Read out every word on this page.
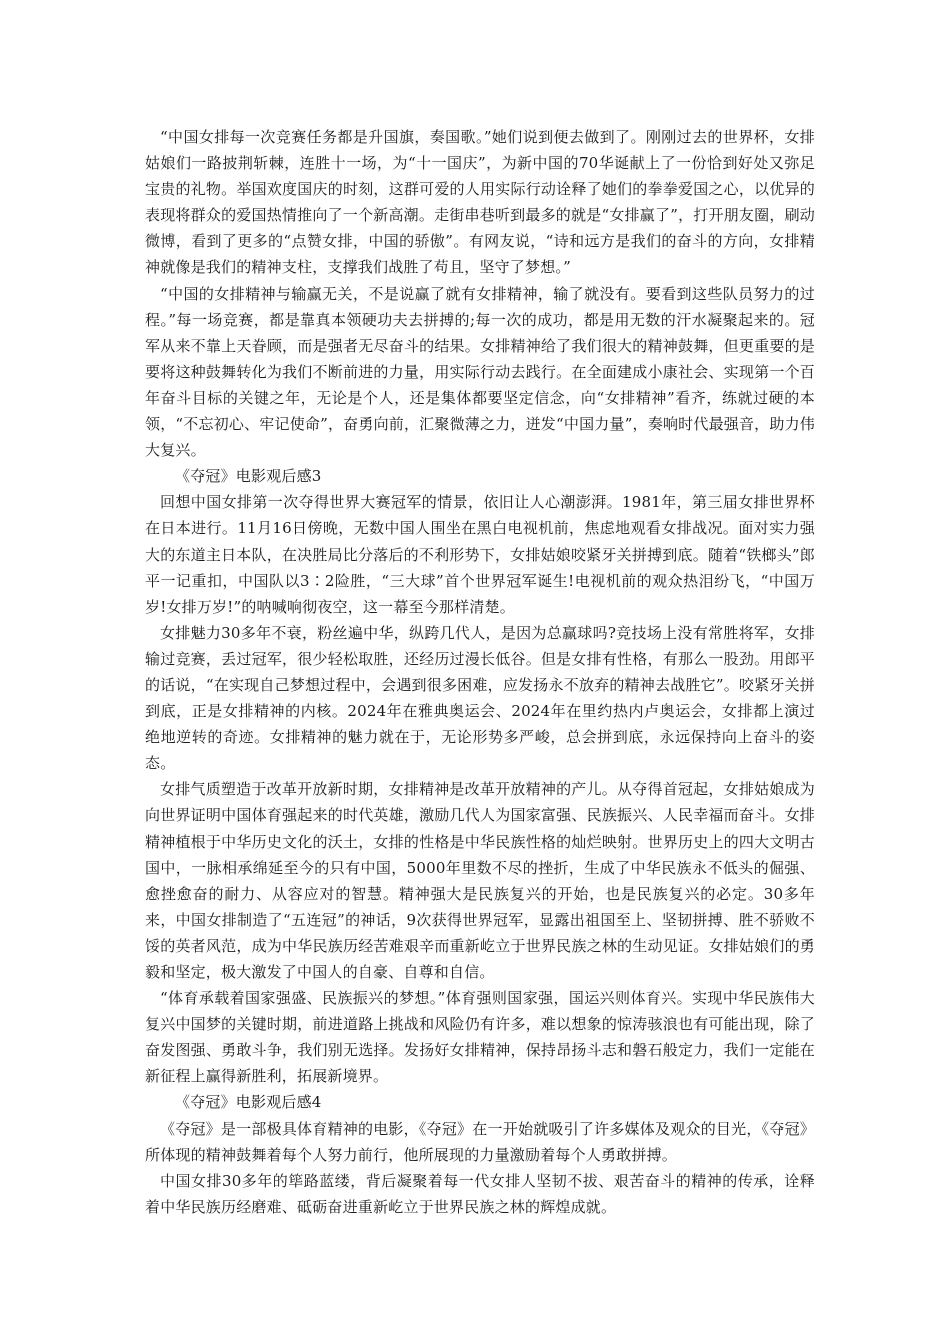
“中国女排每一次竞赛任务都是升国旗，奏国歌。”她们说到便去做到了。刚刚过去的世界杯，女排姑娘们一路披荆斩棘，连胜十一场，为“十一国庆”，为新中国的70华诞献上了一份恰到好处又弥足宝贵的礼物。举国欢度国庆的时刻，这群可爱的人用实际行动诠释了她们的拳拳爱国之心，以优异的表现将群众的爱国热情推向了一个新高潮。走街串巷听到最多的就是“女排赢了”，打开朋友圈，刷动微博，看到了更多的“点赞女排，中国的骄傲”。有网友说，“诗和远方是我们的奋斗的方向，女排精神就像是我们的精神支柱，支撑我们战胜了苟且，坚守了梦想。”

“中国的女排精神与输赢无关，不是说赢了就有女排精神，输了就没有。要看到这些队员努力的过程。”每一场竞赛，都是靠真本领硬功夫去拼搏的;每一次的成功，都是用无数的汗水凝聚起来的。冠军从来不靠上天眷顾，而是强者无尽奋斗的结果。女排精神给了我们很大的精神鼓舞，但更重要的是要将这种鼓舞转化为我们不断前进的力量，用实际行动去践行。在全面建成小康社会、实现第一个百年奋斗目标的关键之年，无论是个人，还是集体都要坚定信念，向“女排精神”看齐，练就过硬的本领，“不忘初心、牢记使命”，奋勇向前，汇聚微薄之力，迸发“中国力量”，奏响时代最强音，助力伟大复兴。

《夺冠》电影观后感3

回想中国女排第一次夺得世界大赛冠军的情景，依旧让人心潮澎湃。1981年，第三届女排世界杯在日本进行。11月16日傍晚，无数中国人围坐在黑白电视机前，焦虑地观看女排战况。面对实力强大的东道主日本队，在决胜局比分落后的不利形势下，女排姑娘咬紧牙关拼搏到底。随着“铁榔头”郎平一记重扣，中国队以3∶2险胜，“三大球”首个世界冠军诞生!电视机前的观众热泪纷飞，“中国万岁!女排万岁!”的呐喊响彻夜空，这一幕至今那样清楚。

女排魅力30多年不衰，粉丝遍中华，纵跨几代人，是因为总赢球吗?竞技场上没有常胜将军，女排输过竞赛，丢过冠军，很少轻松取胜，还经历过漫长低谷。但是女排有性格，有那么一股劲。用郎平的话说，“在实现自己梦想过程中，会遇到很多困难，应发扬永不放弃的精神去战胜它”。咬紧牙关拼到底，正是女排精神的内核。2024年在雅典奥运会、2024年在里约热内卢奥运会，女排都上演过绝地逆转的奇迹。女排精神的魅力就在于，无论形势多严峻，总会拼到底，永远保持向上奋斗的姿态。

女排气质塑造于改革开放新时期，女排精神是改革开放精神的产儿。从夺得首冠起，女排姑娘成为向世界证明中国体育强起来的时代英雄，激励几代人为国家富强、民族振兴、人民幸福而奋斗。女排精神植根于中华历史文化的沃土，女排的性格是中华民族性格的灿烂映射。世界历史上的四大文明古国中，一脉相承绵延至今的只有中国，5000年里数不尽的挫折，生成了中华民族永不低头的倔强、愈挫愈奋的耐力、从容应对的智慧。精神强大是民族复兴的开始，也是民族复兴的必定。30多年来，中国女排制造了“五连冠”的神话，9次获得世界冠军，显露出祖国至上、坚韧拼搏、胜不骄败不馁的英者风范，成为中华民族历经苦难艰辛而重新屹立于世界民族之林的生动见证。女排姑娘们的勇毅和坚定，极大激发了中国人的自豪、自尊和自信。

“体育承载着国家强盛、民族振兴的梦想。”体育强则国家强，国运兴则体育兴。实现中华民族伟大复兴中国梦的关键时期，前进道路上挑战和风险仍有许多，难以想象的惊涛骇浪也有可能出现，除了奋发图强、勇敢斗争，我们别无选择。发扬好女排精神，保持昂扬斗志和磐石般定力，我们一定能在新征程上赢得新胜利，拓展新境界。

《夺冠》电影观后感4

《夺冠》是一部极具体育精神的电影，《夺冠》在一开始就吸引了许多媒体及观众的目光，《夺冠》所体现的精神鼓舞着每个人努力前行，他所展现的力量激励着每个人勇敢拼搏。

中国女排30多年的筚路蓝缕，背后凝聚着每一代女排人坚韧不拔、艰苦奋斗的精神的传承，诠释着中华民族历经磨难、砥砺奋进重新屹立于世界民族之林的辉煌成就。
